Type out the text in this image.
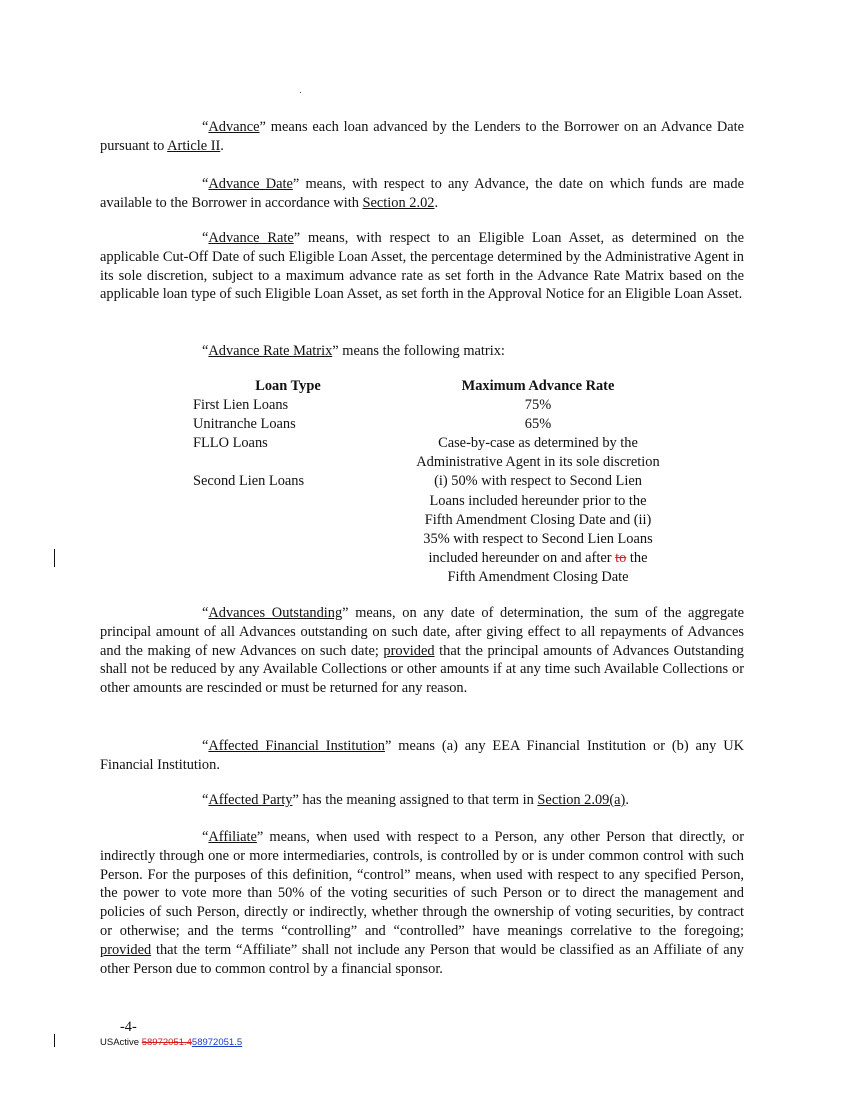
“Advance” means each loan advanced by the Lenders to the Borrower on an Advance Date pursuant to Article II.

“Advance Date” means, with respect to any Advance, the date on which funds are made available to the Borrower in accordance with Section 2.02.

“Advance Rate” means, with respect to an Eligible Loan Asset, as determined on the applicable Cut-Off Date of such Eligible Loan Asset, the percentage determined by the Administrative Agent in its sole discretion, subject to a maximum advance rate as set forth in the Advance Rate Matrix based on the applicable loan type of such Eligible Loan Asset, as set forth in the Approval Notice for an Eligible Loan Asset.

“Advance Rate Matrix” means the following matrix:

Loan Type	Maximum Advance Rate
First Lien Loans	75%
Unitranche Loans	65%
FLLO Loans	Case-by-case as determined by the
Administrative Agent in its sole discretion
Second Lien Loans	(i) 50% with respect to Second Lien
Loans included hereunder prior to the
Fifth Amendment Closing Date and (ii)
35% with respect to Second Lien Loans
included hereunder on and after to the
Fifth Amendment Closing Date

“Advances Outstanding” means, on any date of determination, the sum of the aggregate principal amount of all Advances outstanding on such date, after giving effect to all repayments of Advances and the making of new Advances on such date; provided that the principal amounts of Advances Outstanding shall not be reduced by any Available Collections or other amounts if at any time such Available Collections or other amounts are rescinded or must be returned for any reason.

“Affected Financial Institution” means (a) any EEA Financial Institution or (b) any UK Financial Institution.

“Affected Party” has the meaning assigned to that term in Section 2.09(a).

“Affiliate” means, when used with respect to a Person, any other Person that directly, or indirectly through one or more intermediaries, controls, is controlled by or is under common control with such Person. For the purposes of this definition, “control” means, when used with respect to any specified Person, the power to vote more than 50% of the voting securities of such Person or to direct the management and policies of such Person, directly or indirectly, whether through the ownership of voting securities, by contract or otherwise; and the terms “controlling” and “controlled” have meanings correlative to the foregoing; provided that the term “Affiliate” shall not include any Person that would be classified as an Affiliate of any other Person due to common control by a financial sponsor.

-4-
USActive 58972051.458972051.5
